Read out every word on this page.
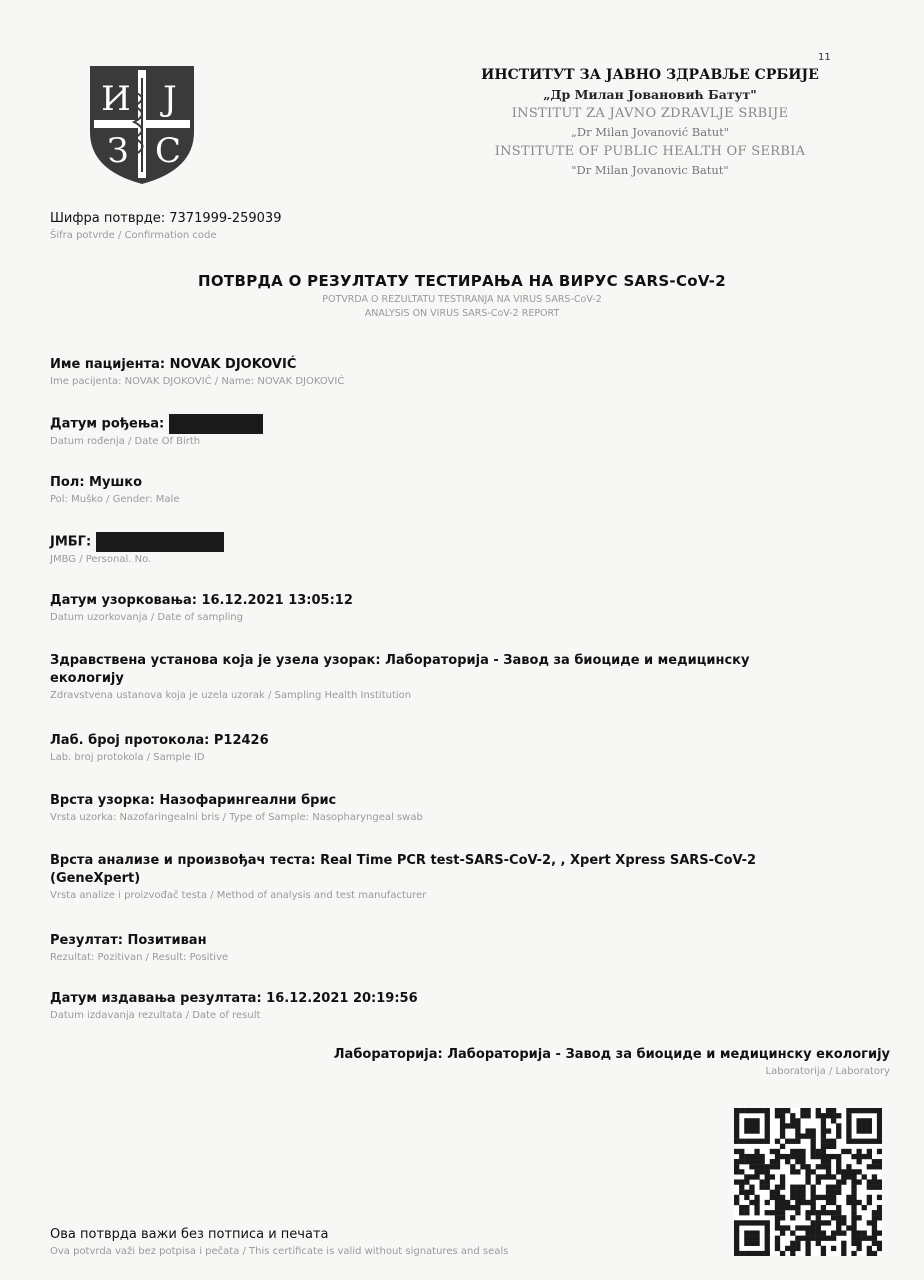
11
И Ј
З С
ИНСТИТУТ ЗА ЈАВНО ЗДРАВЉЕ СРБИЈЕ
„Др Милан Јовановић Батут"
INSTITUT ZA JAVNO ZDRAVLJE SRBIJE
„Dr Milan Jovanović Batut"
INSTITUTE OF PUBLIC HEALTH OF SERBIA
"Dr Milan Jovanovic Batut"
Шифра потврде: 7371999-259039
Šifra potvrde / Confirmation code
ПОТВРДА О РЕЗУЛТАТУ ТЕСТИРАЊА НА ВИРУС SARS-CoV-2
POTVRDA O REZULTATU TESTIRANJA NA VIRUS SARS-CoV-2
ANALYSIS ON VIRUS SARS-CoV-2 REPORT
Име пацијента: NOVAK DJOKOVIĆ
Ime pacijenta: NOVAK DJOKOVIĆ / Name: NOVAK DJOKOVIĆ
Датум рођења:
Datum rođenja / Date Of Birth
Пол: Мушко
Pol: Muško / Gender: Male
ЈМБГ:
JMBG / Personal. No.
Датум узорковања: 16.12.2021 13:05:12
Datum uzorkovanja / Date of sampling
Здравствена установа која је узела узорак: Лабораторија - Завод за биоциде и медицинску
екологију
Zdravstvena ustanova koja je uzela uzorak / Sampling Health Institution
Лаб. број протокола: P12426
Lab. broj protokola / Sample ID
Врста узорка: Назофарингеални брис
Vrsta uzorka: Nazofaringealni bris / Type of Sample: Nasopharyngeal swab
Врста анализе и произвођач теста: Real Time PCR test-SARS-CoV-2, , Xpert Xpress SARS-CoV-2
(GeneXpert)
Vrsta analize i proizvođač testa / Method of analysis and test manufacturer
Резултат: Позитиван
Rezultat: Pozitivan / Result: Positive
Датум издавања резултата: 16.12.2021 20:19:56
Datum izdavanja rezultata / Date of result
Лабораторија: Лабораторија - Завод за биоциде и медицинску екологију
Laboratorija / Laboratory
Ова потврда важи без потписа и печата
Ova potvrda važi bez potpisa i pečata / This certificate is valid without signatures and seals
